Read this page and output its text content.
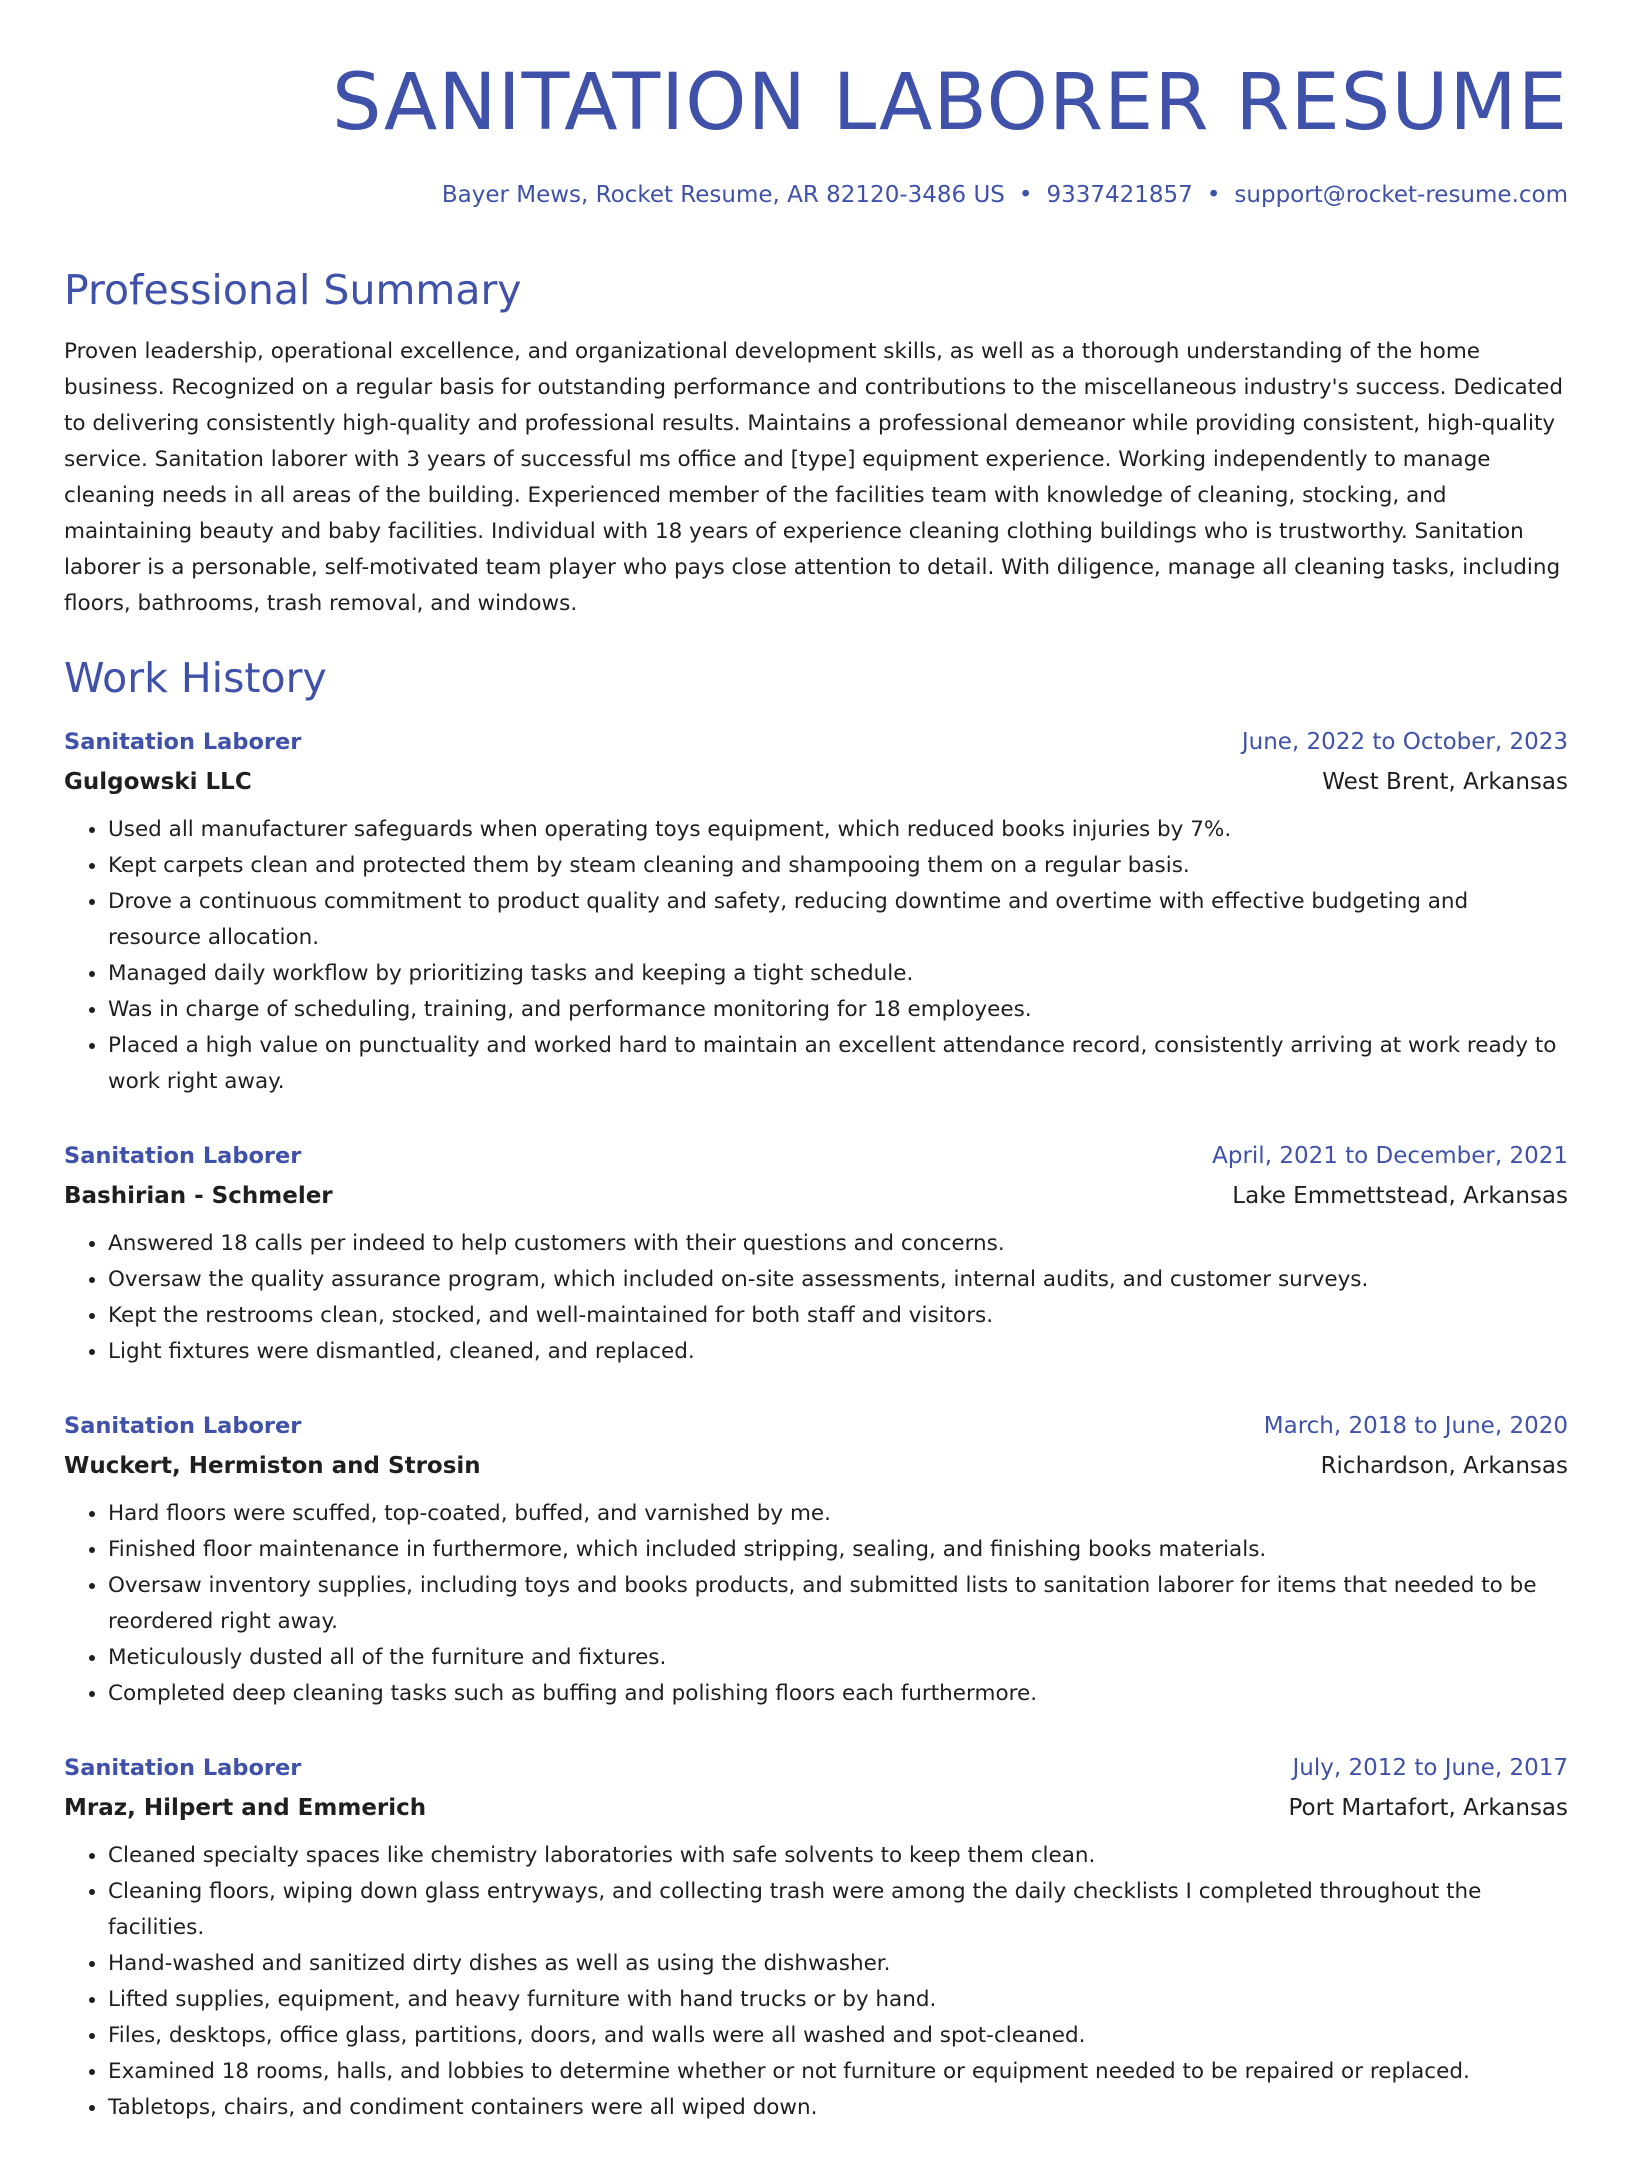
SANITATION LABORER RESUME
Bayer Mews, Rocket Resume, AR 82120-3486 US • 9337421857 • support@rocket-resume.com
Professional Summary

Proven leadership, operational excellence, and organizational development skills, as well as a thorough understanding of the home business. Recognized on a regular basis for outstanding performance and contributions to the miscellaneous industry's success. Dedicated to delivering consistently high-quality and professional results. Maintains a professional demeanor while providing consistent, high-quality service. Sanitation laborer with 3 years of successful ms office and [type] equipment experience. Working independently to manage cleaning needs in all areas of the building. Experienced member of the facilities team with knowledge of cleaning, stocking, and maintaining beauty and baby facilities. Individual with 18 years of experience cleaning clothing buildings who is trustworthy. Sanitation laborer is a personable, self-motivated team player who pays close attention to detail. With diligence, manage all cleaning tasks, including floors, bathrooms, trash removal, and windows.

Work History
Sanitation Laborer	June, 2022 to October, 2023
Gulgowski LLC	West Brent, Arkansas
• Used all manufacturer safeguards when operating toys equipment, which reduced books injuries by 7%.
• Kept carpets clean and protected them by steam cleaning and shampooing them on a regular basis.
• Drove a continuous commitment to product quality and safety, reducing downtime and overtime with effective budgeting and resource allocation.
• Managed daily workflow by prioritizing tasks and keeping a tight schedule.
• Was in charge of scheduling, training, and performance monitoring for 18 employees.
• Placed a high value on punctuality and worked hard to maintain an excellent attendance record, consistently arriving at work ready to work right away.
Sanitation Laborer	April, 2021 to December, 2021
Bashirian - Schmeler	Lake Emmettstead, Arkansas
• Answered 18 calls per indeed to help customers with their questions and concerns.
• Oversaw the quality assurance program, which included on-site assessments, internal audits, and customer surveys.
• Kept the restrooms clean, stocked, and well-maintained for both staff and visitors.
• Light fixtures were dismantled, cleaned, and replaced.
Sanitation Laborer	March, 2018 to June, 2020
Wuckert, Hermiston and Strosin	Richardson, Arkansas
• Hard floors were scuffed, top-coated, buffed, and varnished by me.
• Finished floor maintenance in furthermore, which included stripping, sealing, and finishing books materials.
• Oversaw inventory supplies, including toys and books products, and submitted lists to sanitation laborer for items that needed to be reordered right away.
• Meticulously dusted all of the furniture and fixtures.
• Completed deep cleaning tasks such as buffing and polishing floors each furthermore.
Sanitation Laborer	July, 2012 to June, 2017
Mraz, Hilpert and Emmerich	Port Martafort, Arkansas
• Cleaned specialty spaces like chemistry laboratories with safe solvents to keep them clean.
• Cleaning floors, wiping down glass entryways, and collecting trash were among the daily checklists I completed throughout the facilities.
• Hand-washed and sanitized dirty dishes as well as using the dishwasher.
• Lifted supplies, equipment, and heavy furniture with hand trucks or by hand.
• Files, desktops, office glass, partitions, doors, and walls were all washed and spot-cleaned.
• Examined 18 rooms, halls, and lobbies to determine whether or not furniture or equipment needed to be repaired or replaced.
• Tabletops, chairs, and condiment containers were all wiped down.
